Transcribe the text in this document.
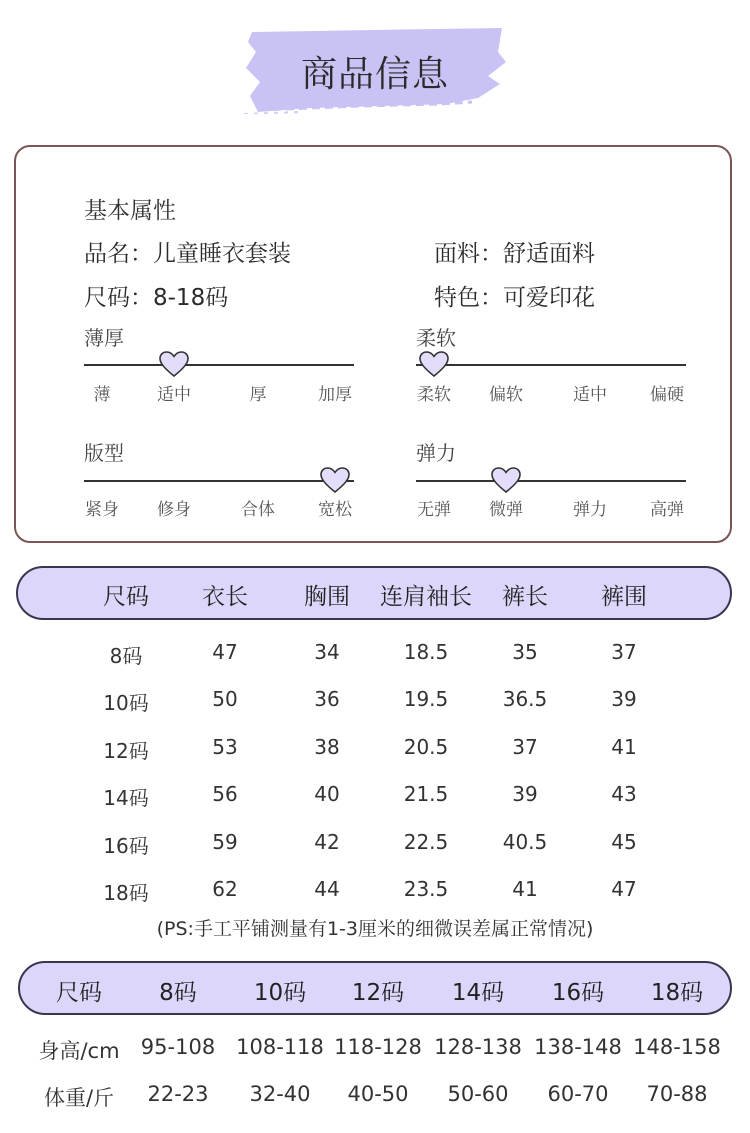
商品信息
基本属性
品名：儿童睡衣套装	面料：舒适面料
尺码：8-18码	特色：可爱印花
薄厚
薄	适中	厚	加厚
柔软
柔软	偏软	适中	偏硬
版型
紧身	修身	合体	宽松
弹力
无弹	微弹	弹力	高弹
尺码	衣长	胸围	连肩袖长	裤长	裤围
8码	47	34	18.5	35	37
10码	50	36	19.5	36.5	39
12码	53	38	20.5	37	41
14码	56	40	21.5	39	43
16码	59	42	22.5	40.5	45
18码	62	44	23.5	41	47
(PS:手工平铺测量有1-3厘米的细微误差属正常情况)
尺码	8码	10码	12码	14码	16码	18码
身高/cm	95-108 108-118 118-128 128-138 138-148 148-158
体重/斤	22-23	32-40	40-50	50-60	60-70	70-88
